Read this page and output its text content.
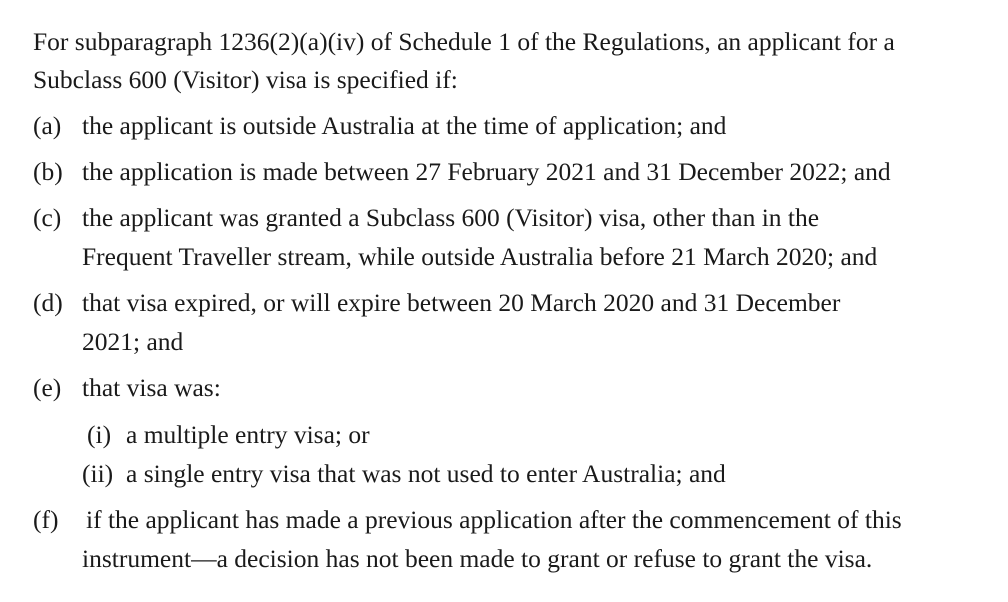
For subparagraph 1236(2)(a)(iv) of Schedule 1 of the Regulations, an applicant for a
Subclass 600 (Visitor) visa is specified if:
(a) the applicant is outside Australia at the time of application; and
(b) the application is made between 27 February 2021 and 31 December 2022; and
(c) the applicant was granted a Subclass 600 (Visitor) visa, other than in the
Frequent Traveller stream, while outside Australia before 21 March 2020; and
(d) that visa expired, or will expire between 20 March 2020 and 31 December
2021; and
(e) that visa was:
(i) a multiple entry visa; or
(ii) a single entry visa that was not used to enter Australia; and
(f) if the applicant has made a previous application after the commencement of this
instrument—a decision has not been made to grant or refuse to grant the visa.
